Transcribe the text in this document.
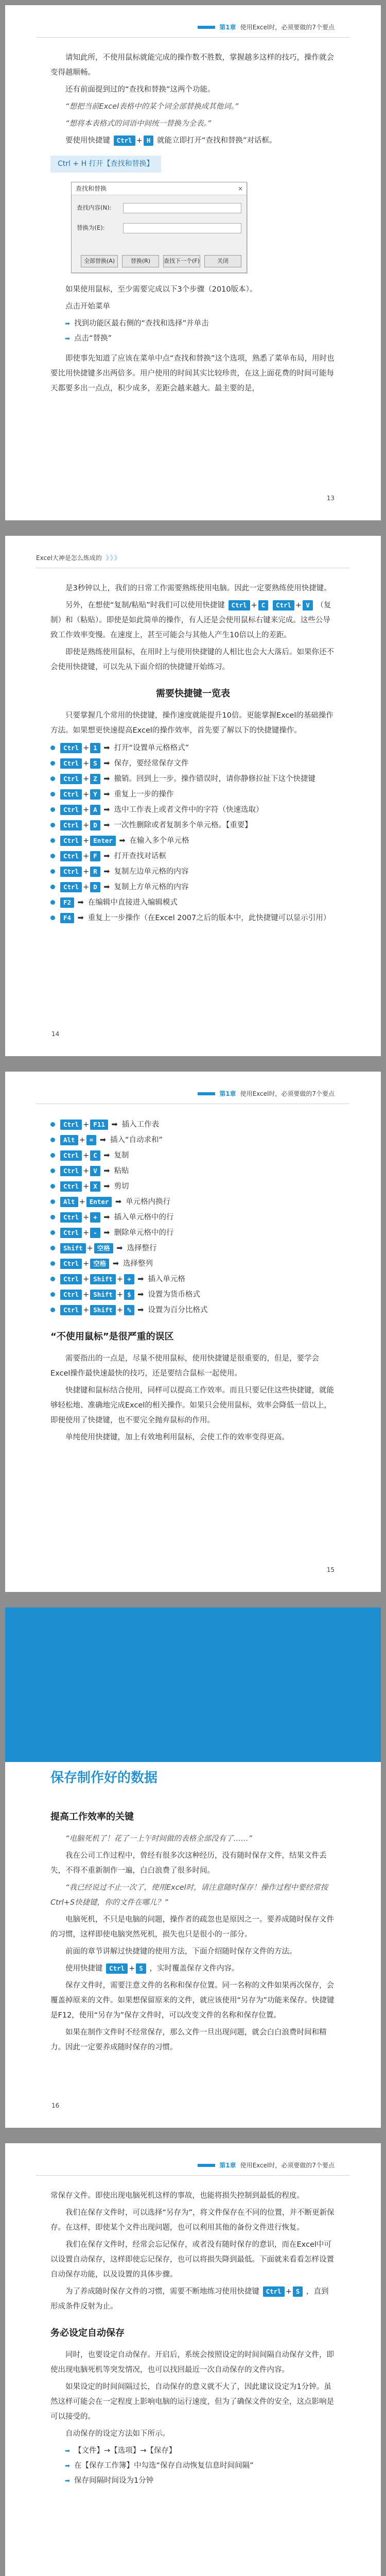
第1章 使用Excel时，必须要做的7个要点

请知此所，不使用鼠标就能完成的操作数不胜数，掌握越多这样的技巧，操作就会变得越顺畅。

还有前面提到过的“查找和替换”这两个功能。

“想把当前Excel表格中的某个词全部替换成其他词。”

“想将本表格式的词语中间统一替换为全表。”

要使用快捷键 Ctrl + H 就能立即打开“查找和替换”对话框。

Ctrl + H 打开【查找和替换】
查找和替换	×
查找内容(N):
替换为(E):
全部替换(A)	替换(R)	查找下一个(F)	关闭

如果使用鼠标，至少需要完成以下3个步骤（2010版本）。

点击开始菜单

➡ 找到功能区最右侧的“查找和选择”并单击
➡ 点击“替换”

即使事先知道了应该在菜单中点“查找和替换”这个选项，熟悉了菜单布局，用时也要比用快捷键多出两倍多。用户使用的时间其实比较珍贵，在这上面花费的时间可能每天都要多出一点点，积少成多，差距会越来越大。最主要的是，

13
Excel大神是怎么炼成的 》》》

是3秒钟以上，我们的日常工作需要熟练使用电脑。因此一定要熟练使用快捷键。

另外，在想使“复制/粘贴”时我们可以使用快捷键 Ctrl + C Ctrl + V （复制）和（粘贴）。即使是如此简单的操作，有人还是会使用鼠标右键来完成。这些公导致工作效率变慢。在速度上，甚至可能会与其他人产生10倍以上的差距。

即使是熟练使用鼠标，在用时上与使用快捷键的人相比也会大大落后。如果你还不会使用快捷键，可以先从下面介绍的快捷键开始练习。

需要快捷键一览表

只要掌握几个常用的快捷键，操作速度就能提升10倍。更能掌握Excel的基础操作方法。如果想更快速提高Excel的操作效率，首先要了解以下的快捷键操作。

Ctrl + 1 ➡ 打开“设置单元格格式”
Ctrl + S ➡ 保存，要经常保存文件
Ctrl + Z ➡ 撤销。回到上一步。操作错误时，请你静修拉扯下这个快捷键
Ctrl + Y ➡ 重复上一步的操作
Ctrl + A ➡ 选中工作表上或者文件中的字符（快速选取）
Ctrl + D ➡ 一次性删除或者复制多个单元格。【重要】
Ctrl + Enter ➡ 在输入多个单元格
Ctrl + F ➡ 打开查找对话框
Ctrl + R ➡ 复制左边单元格的内容
Ctrl + D ➡ 复制上方单元格的内容
F2 ➡ 在编辑中直接进入编辑模式
F4 ➡ 重复上一步操作（在Excel 2007之后的版本中，此快捷键可以显示引用）
14
第1章 使用Excel时，必须要做的7个要点
Ctrl + F11 ➡ 插入工作表
Alt + = ➡ 插入“自动求和”
Ctrl + C ➡ 复制
Ctrl + V ➡ 粘贴
Ctrl + X ➡ 剪切
Alt + Enter ➡ 单元格内换行
Ctrl + + ➡ 插入单元格中的行
Ctrl + - ➡ 删除单元格中的行
Shift + 空格 ➡ 选择整行
Ctrl + 空格 ➡ 选择整列
Ctrl + Shift + + ➡ 插入单元格
Ctrl + Shift + $ ➡ 设置为货币格式
Ctrl + Shift + % ➡ 设置为百分比格式
“不使用鼠标”是很严重的误区

需要指出的一点是，尽量不使用鼠标，使用快捷键是很重要的，但是，要学会Excel操作最快速最快的技巧，还是要结合鼠标一起使用。

快捷键和鼠标结合使用，同样可以提高工作效率。而且只要记住这些快捷键，就能够轻松地、准确地完成Excel的相关操作。如果只会使用鼠标，效率会降低一倍以上，即便使用了快捷键，也不要完全抛弃鼠标的作用。

单纯使用快捷键，加上有效地利用鼠标，会使工作的效率变得更高。

15
保存制作好的数据
提高工作效率的关键

“电脑死机了！花了一上午时间做的表格全部没有了……”

我在公司工作过程中，曾经有很多次这种经历，没有随时保存文件，结果文件丢失，不得不重新制作一遍，白白浪费了很多时间。

“我已经说过不止一次了，使用Excel时，请注意随时保存！操作过程中要经常按Ctrl+S快捷键，你的文件在哪儿？”

电脑死机，不只是电脑的问题，操作者的疏忽也是原因之一。要养成随时保存文件的习惯，这样即使电脑突然死机，损失也只是很小的一部分。

前面的章节讲解过快捷键的使用方法，下面介绍随时保存文件的方法。

使用快捷键 Ctrl + S ，实时覆盖保存文件内容。

保存文件时，需要注意文件的名称和保存位置。同一名称的文件如果再次保存，会覆盖掉原来的文件。如果想保留原来的文件，就应该使用“另存为”功能来保存。快捷键是F12，使用“另存为”保存文件时，可以改变文件的名称和保存位置。

如果在制作文件时不经常保存，那么文件一旦出现问题，就会白白浪费时间和精力。因此一定要养成随时保存的习惯。

16
第1章 使用Excel时，必须要做的7个要点

常保存文件。即使出现电脑死机这样的事故，也能将损失控制到最低的程度。

我们在保存文件时，可以选择“另存为”，将文件保存在不同的位置，并不断更新保存。在这样，即使某个文件出现问题，也可以利用其他的备份文件进行恢复。

我们在保存文件时，经常会忘记保存，或者没有随时保存的意识，而在Excel中可以设置自动保存，这样即使忘记保存，也可以将损失降到最低。下面就来看看怎样设置自动保存功能，以及设置的具体步骤。

为了养成随时保存文件的习惯，需要不断地练习使用快捷键 Ctrl + S ，直到形成条件反射为止。

务必设定自动保存

同时，也要设定自动保存。开启后，系统会按照设定的时间间隔自动保存文件，即使出现电脑死机等突发情况，也可以找回最近一次自动保存的文件内容。

如果设定的时间间隔过长，自动保存的意义就不大了，因此建议设定为1分钟。虽然这样可能会在一定程度上影响电脑的运行速度，但为了确保文件的安全，这点影响是可以接受的。

自动保存的设定方法如下所示。

➡ 【文件】→【选项】→【保存】
➡ 在【保存工作簿】中勾选“保存自动恢复信息时间间隔”
➡ 保存间隔时间设为1分钟
